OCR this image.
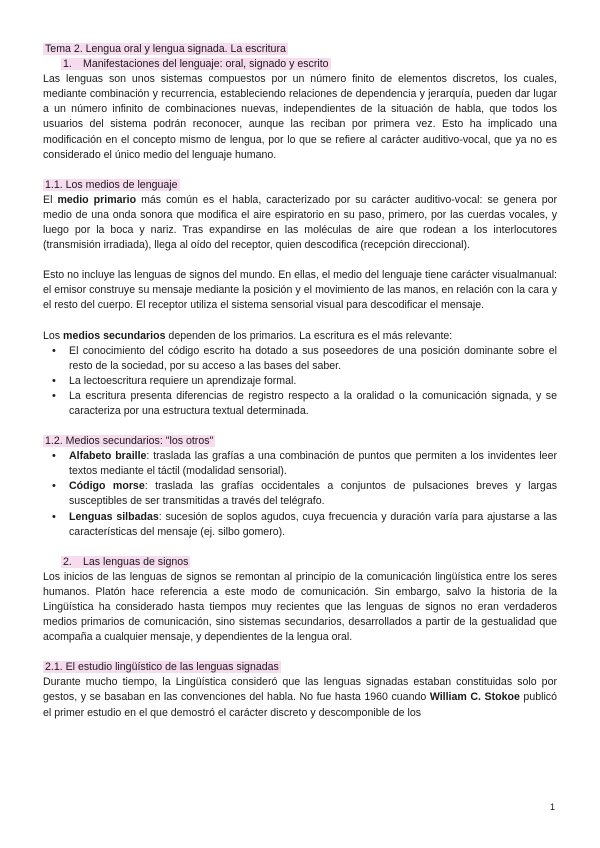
Tema 2. Lengua oral y lengua signada. La escritura

1. Manifestaciones del lenguaje: oral, signado y escrito

Las lenguas son unos sistemas compuestos por un número finito de elementos discretos, los cuales, mediante combinación y recurrencia, estableciendo relaciones de dependencia y jerarquía, pueden dar lugar a un número infinito de combinaciones nuevas, independientes de la situación de habla, que todos los usuarios del sistema podrán reconocer, aunque las reciban por primera vez. Esto ha implicado una modificación en el concepto mismo de lengua, por lo que se refiere al carácter auditivo-vocal, que ya no es considerado el único medio del lenguaje humano.

1.1. Los medios de lenguaje

El medio primario más común es el habla, caracterizado por su carácter auditivo-vocal: se genera por medio de una onda sonora que modifica el aire espiratorio en su paso, primero, por las cuerdas vocales, y luego por la boca y nariz. Tras expandirse en las moléculas de aire que rodean a los interlocutores (transmisión irradiada), llega al oído del receptor, quien descodifica (recepción direccional).

Esto no incluye las lenguas de signos del mundo. En ellas, el medio del lenguaje tiene carácter visualmanual: el emisor construye su mensaje mediante la posición y el movimiento de las manos, en relación con la cara y el resto del cuerpo. El receptor utiliza el sistema sensorial visual para descodificar el mensaje.

Los medios secundarios dependen de los primarios. La escritura es el más relevante:

• El conocimiento del código escrito ha dotado a sus poseedores de una posición dominante sobre el resto de la sociedad, por su acceso a las bases del saber.
• La lectoescritura requiere un aprendizaje formal.
• La escritura presenta diferencias de registro respecto a la oralidad o la comunicación signada, y se caracteriza por una estructura textual determinada.

1.2. Medios secundarios: "los otros"

• Alfabeto braille: traslada las grafías a una combinación de puntos que permiten a los invidentes leer textos mediante el táctil (modalidad sensorial).
• Código morse: traslada las grafías occidentales a conjuntos de pulsaciones breves y largas susceptibles de ser transmitidas a través del telégrafo.
• Lenguas silbadas: sucesión de soplos agudos, cuya frecuencia y duración varía para ajustarse a las características del mensaje (ej. silbo gomero).

2. Las lenguas de signos

Los inicios de las lenguas de signos se remontan al principio de la comunicación lingüística entre los seres humanos. Platón hace referencia a este modo de comunicación. Sin embargo, salvo la historia de la Lingüística ha considerado hasta tiempos muy recientes que las lenguas de signos no eran verdaderos medios primarios de comunicación, sino sistemas secundarios, desarrollados a partir de la gestualidad que acompaña a cualquier mensaje, y dependientes de la lengua oral.

2.1. El estudio lingüístico de las lenguas signadas

Durante mucho tiempo, la Lingüística consideró que las lenguas signadas estaban constituidas solo por gestos, y se basaban en las convenciones del habla. No fue hasta 1960 cuando William C. Stokoe publicó el primer estudio en el que demostró el carácter discreto y descomponible de los

1
